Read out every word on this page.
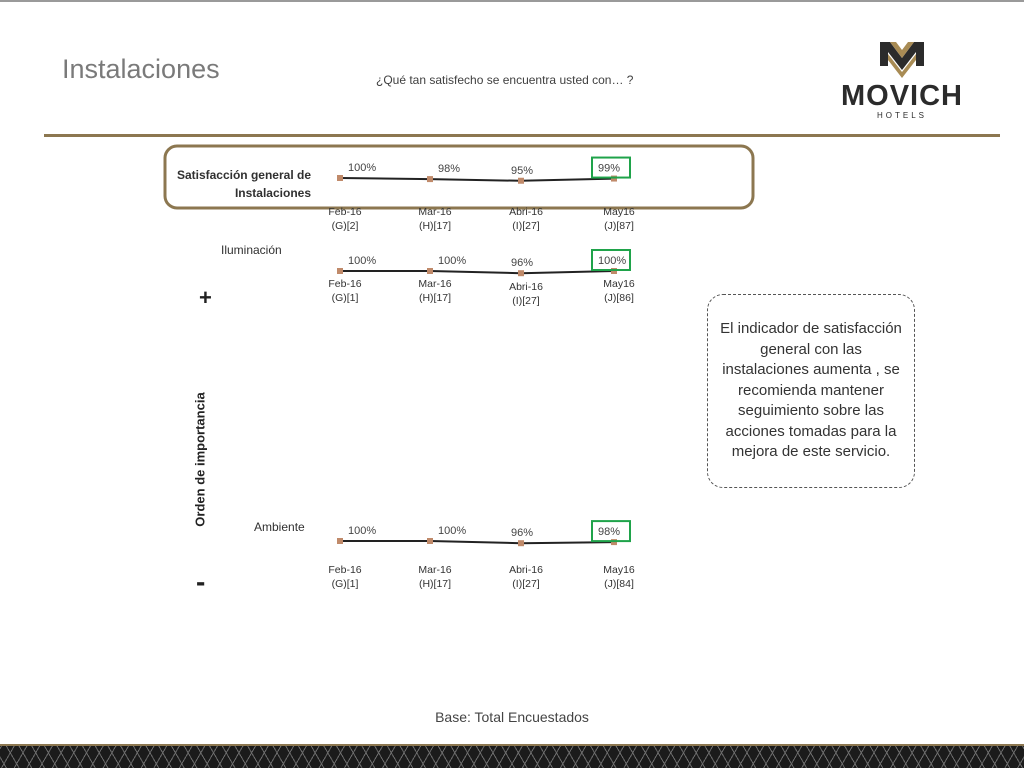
Instalaciones	¿Qué tan satisfecho se encuentra usted con… ?	MOVICH
HOTELS
100%
Feb-16
(G)[2]
98%
Mar-16
(H)[17]
95%
Abri-16
(I)[27]
99%
May16
(J)[87]
100%
Feb-16
(G)[1]
100%
Mar-16
(H)[17]
96%
Abri-16
(I)[27]
100%
May16
(J)[86]
100%
Feb-16
(G)[1]
100%
Mar-16
(H)[17]
96%
Abri-16
(I)[27]
98%
May16
(J)[84]
Satisfacción general de Instalaciones
Iluminación
Ambiente
+
Orden de importancia
-
El indicador de satisfacción general con las instalaciones aumenta , se recomienda mantener seguimiento sobre las acciones tomadas para la mejora de este servicio.
Base: Total Encuestados
